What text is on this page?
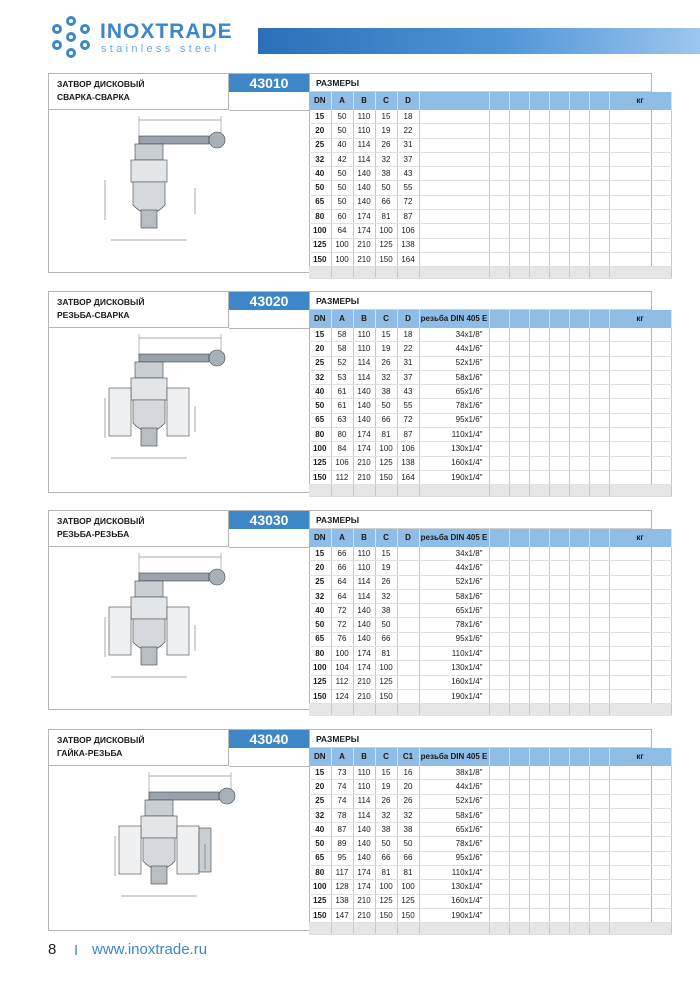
INOXTRADE
stainless steel
ЗАТВОР ДИСКОВЫЙ
СВАРКА-СВАРКА
43010	РАЗМЕРЫ
DN	A	B	C	D								кг
15	50	110	15	18								
20	50	110	19	22								
25	40	114	26	31								
32	42	114	32	37								
40	50	140	38	43								
50	50	140	50	55								
65	50	140	66	72								
80	60	174	81	87								
100	64	174	100	106								
125	100	210	125	138								
150	100	210	150	164								

ЗАТВОР ДИСКОВЫЙ
РЕЗЬБА-СВАРКА
43020	РАЗМЕРЫ
DN	A	B	C	D	резьба DIN 405 E							кг
15	58	110	15	18	34x1/8"							
20	58	110	19	22	44x1/6"							
25	52	114	26	31	52x1/6"							
32	53	114	32	37	58x1/6"							
40	61	140	38	43	65x1/6"							
50	61	140	50	55	78x1/6"							
65	63	140	66	72	95x1/6"							
80	80	174	81	87	110x1/4"							
100	84	174	100	106	130x1/4"							
125	106	210	125	138	160x1/4"							
150	112	210	150	164	190x1/4"							

ЗАТВОР ДИСКОВЫЙ
РЕЗЬБА-РЕЗЬБА
43030	РАЗМЕРЫ
DN	A	B	C	D	резьба DIN 405 E							кг
15	66	110	15		34x1/8"							
20	66	110	19		44x1/6"							
25	64	114	26		52x1/6"							
32	64	114	32		58x1/6"							
40	72	140	38		65x1/6"							
50	72	140	50		78x1/6"							
65	76	140	66		95x1/6"							
80	100	174	81		110x1/4"							
100	104	174	100		130x1/4"							
125	112	210	125		160x1/4"							
150	124	210	150		190x1/4"							

ЗАТВОР ДИСКОВЫЙ
ГАЙКА-РЕЗЬБА
43040	РАЗМЕРЫ
DN	A	B	C	C1	резьба DIN 405 E							кг
15	73	110	15	16	38x1/8"							
20	74	110	19	20	44x1/6"							
25	74	114	26	26	52x1/6"							
32	78	114	32	32	58x1/6"							
40	87	140	38	38	65x1/6"							
50	89	140	50	50	78x1/6"							
65	95	140	66	66	95x1/6"							
80	117	174	81	81	110x1/4"							
100	128	174	100	100	130x1/4"							
125	138	210	125	125	160x1/4"							
150	147	210	150	150	190x1/4"							

8 I www.inoxtrade.ru
